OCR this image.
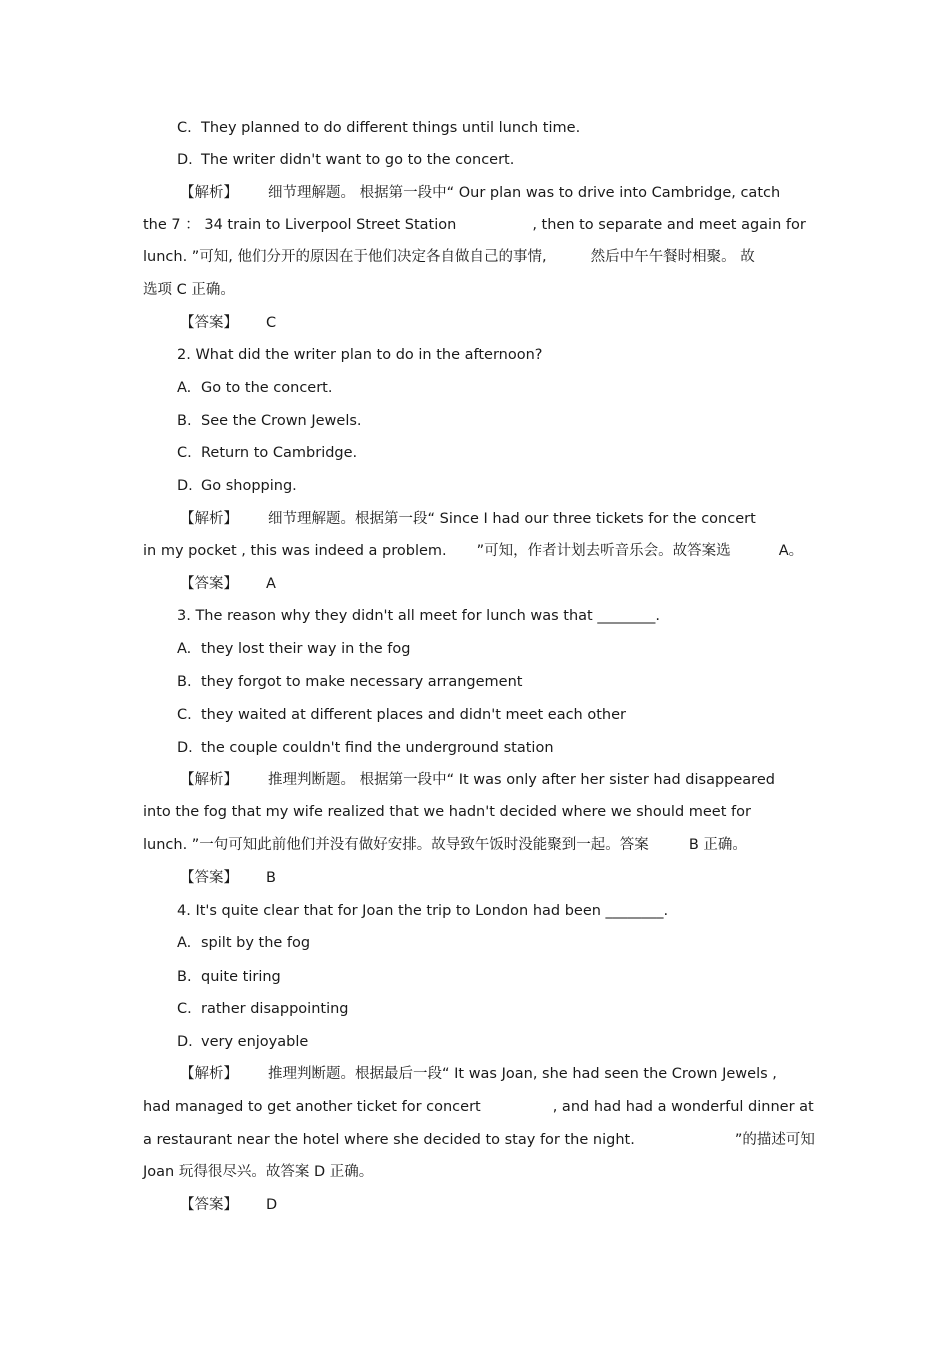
C. They planned to do different things until lunch time.

D. The writer didn't want to go to the concert.

【解析】 细节理解题。 根据第一段中“ Our plan was to drive into Cambridge, catch

the 7 ： 34 train to Liverpool Street Station	, then to separate and meet again for

lunch. ”可知, 他们分开的原因在于他们决定各自做自己的事情,	然后中午午餐时相聚。 故

选项 C 正确。

【答案】 C

2. What did the writer plan to do in the afternoon?

A. Go to the concert.

B. See the Crown Jewels.

C. Return to Cambridge.

D. Go shopping.

【解析】 细节理解题。根据第一段“ Since I had our three tickets for the concert

in my pocket , this was indeed a problem. ”可知，作者计划去听音乐会。故答案选	A。

【答案】 A

3. The reason why they didn't all meet for lunch was that ________.

A. they lost their way in the fog

B. they forgot to make necessary arrangement

C. they waited at different places and didn't meet each other

D. the couple couldn't find the underground station

【解析】 推理判断题。 根据第一段中“ It was only after her sister had disappeared

into the fog that my wife realized that we hadn't decided where we should meet for

lunch. ”一句可知此前他们并没有做好安排。故导致午饭时没能聚到一起。答案	B 正确。

【答案】 B

4. It's quite clear that for Joan the trip to London had been ________.

A. spilt by the fog

B. quite tiring

C. rather disappointing

D. very enjoyable

【解析】 推理判断题。根据最后一段“ It was Joan, she had seen the Crown Jewels ,

had managed to get another ticket for concert	, and had had a wonderful dinner at

a restaurant near the hotel where she decided to stay for the night.	”的描述可知

Joan 玩得很尽兴。故答案 D 正确。

【答案】 D
